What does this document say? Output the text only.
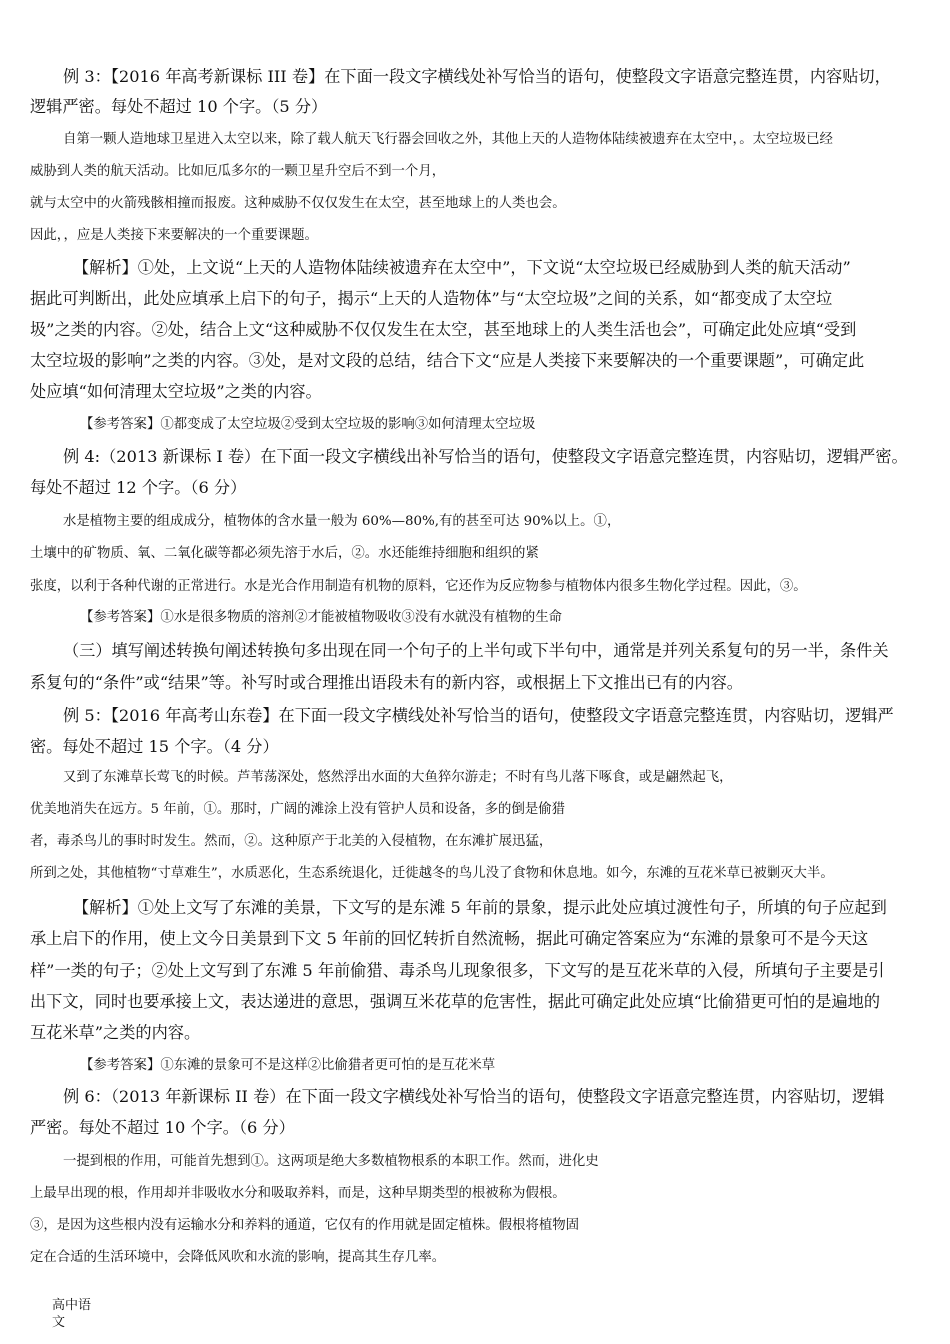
例 3：【2016 年高考新课标 III 卷】在下面一段文字横线处补写恰当的语句，使整段文字语意完整连贯，内容贴切，
逻辑严密。每处不超过 10 个字。（5 分）
自第一颗人造地球卫星进入太空以来，除了载人航天飞行器会回收之外，其他上天的人造物体陆续被遗弃在太空中，。太空垃圾已经
威胁到人类的航天活动。比如厄瓜多尔的一颗卫星升空后不到一个月，
就与太空中的火箭残骸相撞而报废。这种威胁不仅仅发生在太空，甚至地球上的人类也会。
因此，，应是人类接下来要解决的一个重要课题。
【解析】①处，上文说“上天的人造物体陆续被遗弃在太空中”，下文说“太空垃圾已经威胁到人类的航天活动”
据此可判断出，此处应填承上启下的句子，揭示“上天的人造物体”与“太空垃圾”之间的关系，如“都变成了太空垃
圾”之类的内容。②处，结合上文“这种威胁不仅仅发生在太空，甚至地球上的人类生活也会”，可确定此处应填“受到
太空垃圾的影响”之类的内容。③处，是对文段的总结，结合下文“应是人类接下来要解决的一个重要课题”，可确定此
处应填“如何清理太空垃圾”之类的内容。
【参考答案】①都变成了太空垃圾②受到太空垃圾的影响③如何清理太空垃圾
例 4:（2013 新课标 I 卷）在下面一段文字横线出补写恰当的语句，使整段文字语意完整连贯，内容贴切，逻辑严密。
每处不超过 12 个字。（6 分）
水是植物主要的组成成分，植物体的含水量一般为 60%—80%,有的甚至可达 90%以上。①，
土壤中的矿物质、氧、二氧化碳等都必须先溶于水后，②。水还能维持细胞和组织的紧
张度，以利于各种代谢的正常进行。水是光合作用制造有机物的原料，它还作为反应物参与植物体内很多生物化学过程。因此，③。
【参考答案】①水是很多物质的溶剂②才能被植物吸收③没有水就没有植物的生命
（三）填写阐述转换句阐述转换句多出现在同一个句子的上半句或下半句中，通常是并列关系复句的另一半，条件关
系复句的“条件”或“结果”等。补写时或合理推出语段未有的新内容，或根据上下文推出已有的内容。
例 5：【2016 年高考山东卷】在下面一段文字横线处补写恰当的语句，使整段文字语意完整连贯，内容贴切，逻辑严
密。每处不超过 15 个字。（4 分）
又到了东滩草长莺飞的时候。芦苇荡深处，悠然浮出水面的大鱼猝尔游走；不时有鸟儿落下啄食，或是翩然起飞，
优美地消失在远方。5 年前，①。那时，广阔的滩涂上没有管护人员和设备，多的倒是偷猎
者，毒杀鸟儿的事时时发生。然而，②。这种原产于北美的入侵植物，在东滩扩展迅猛，
所到之处，其他植物“寸草难生”，水质恶化，生态系统退化，迁徙越冬的鸟儿没了食物和休息地。如今，东滩的互花米草已被剿灭大半。
【解析】①处上文写了东滩的美景，下文写的是东滩 5 年前的景象，提示此处应填过渡性句子，所填的句子应起到
承上启下的作用，使上文今日美景到下文 5 年前的回忆转折自然流畅，据此可确定答案应为“东滩的景象可不是今天这
样”一类的句子；②处上文写到了东滩 5 年前偷猎、毒杀鸟儿现象很多，下文写的是互花米草的入侵，所填句子主要是引
出下文，同时也要承接上文，表达递进的意思，强调互米花草的危害性，据此可确定此处应填“比偷猎更可怕的是遍地的
互花米草”之类的内容。
【参考答案】①东滩的景象可不是这样②比偷猎者更可怕的是互花米草
例 6：（2013 年新课标 II 卷）在下面一段文字横线处补写恰当的语句，使整段文字语意完整连贯，内容贴切，逻辑
严密。每处不超过 10 个字。（6 分）
一提到根的作用，可能首先想到①。这两项是绝大多数植物根系的本职工作。然而，进化史
上最早出现的根，作用却并非吸收水分和吸取养料，而是，这种早期类型的根被称为假根。
③，是因为这些根内没有运输水分和养料的通道，它仅有的作用就是固定植株。假根将植物固
定在合适的生活环境中，会降低风吹和水流的影响，提高其生存几率。
高中语
文
